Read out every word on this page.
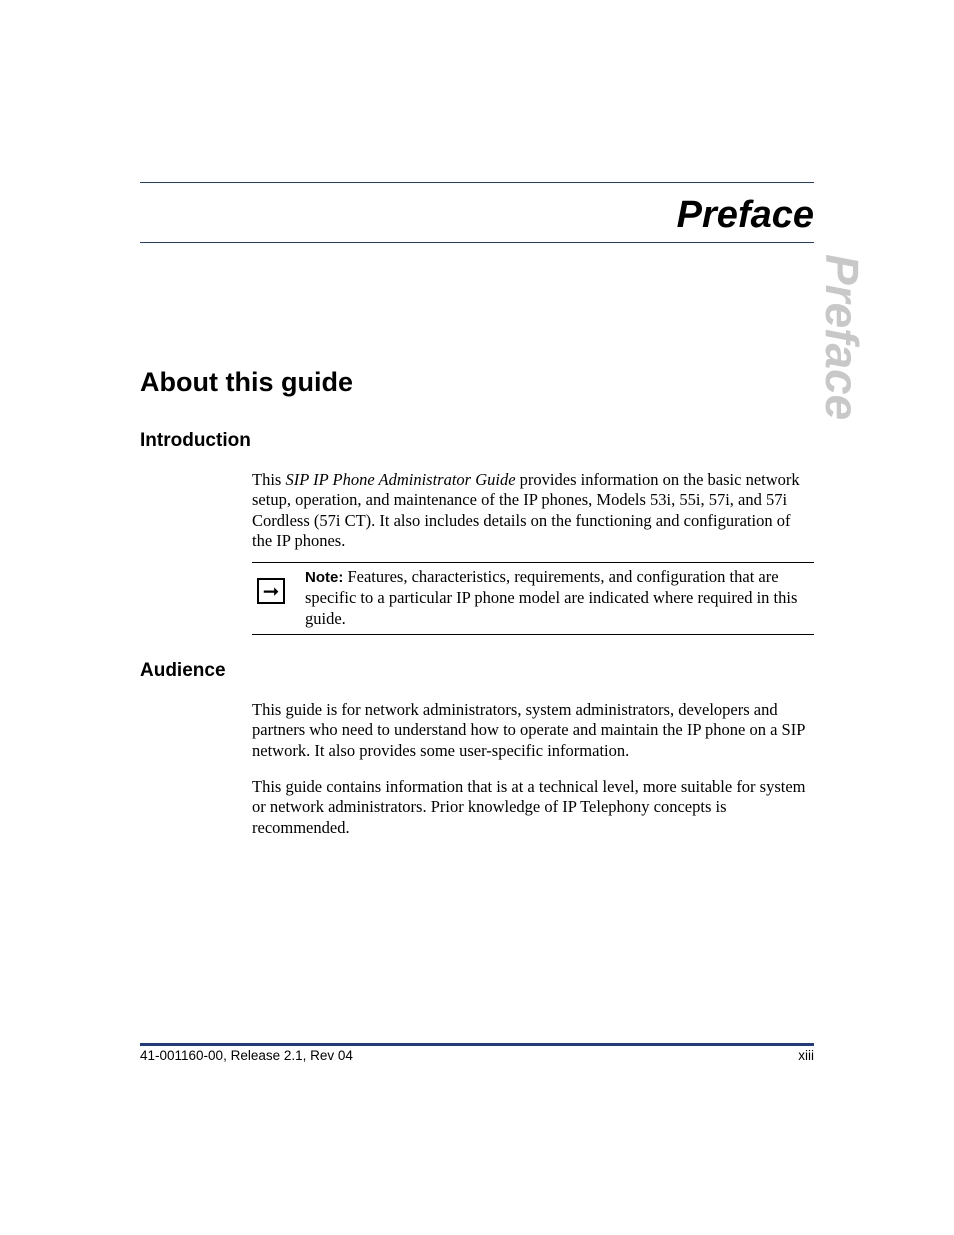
Preface
Preface
About this guide
Introduction

This SIP IP Phone Administrator Guide provides information on the basic network setup, operation, and maintenance of the IP phones, Models 53i, 55i, 57i, and 57i Cordless (57i CT). It also includes details on the functioning and configuration of the IP phones.

➞

Note: Features, characteristics, requirements, and configuration that are specific to a particular IP phone model are indicated where required in this guide.

Audience

This guide is for network administrators, system administrators, developers and partners who need to understand how to operate and maintain the IP phone on a SIP network. It also provides some user-specific information.

This guide contains information that is at a technical level, more suitable for system or network administrators. Prior knowledge of IP Telephony concepts is recommended.

41-001160-00, Release 2.1, Rev 04	xiii
